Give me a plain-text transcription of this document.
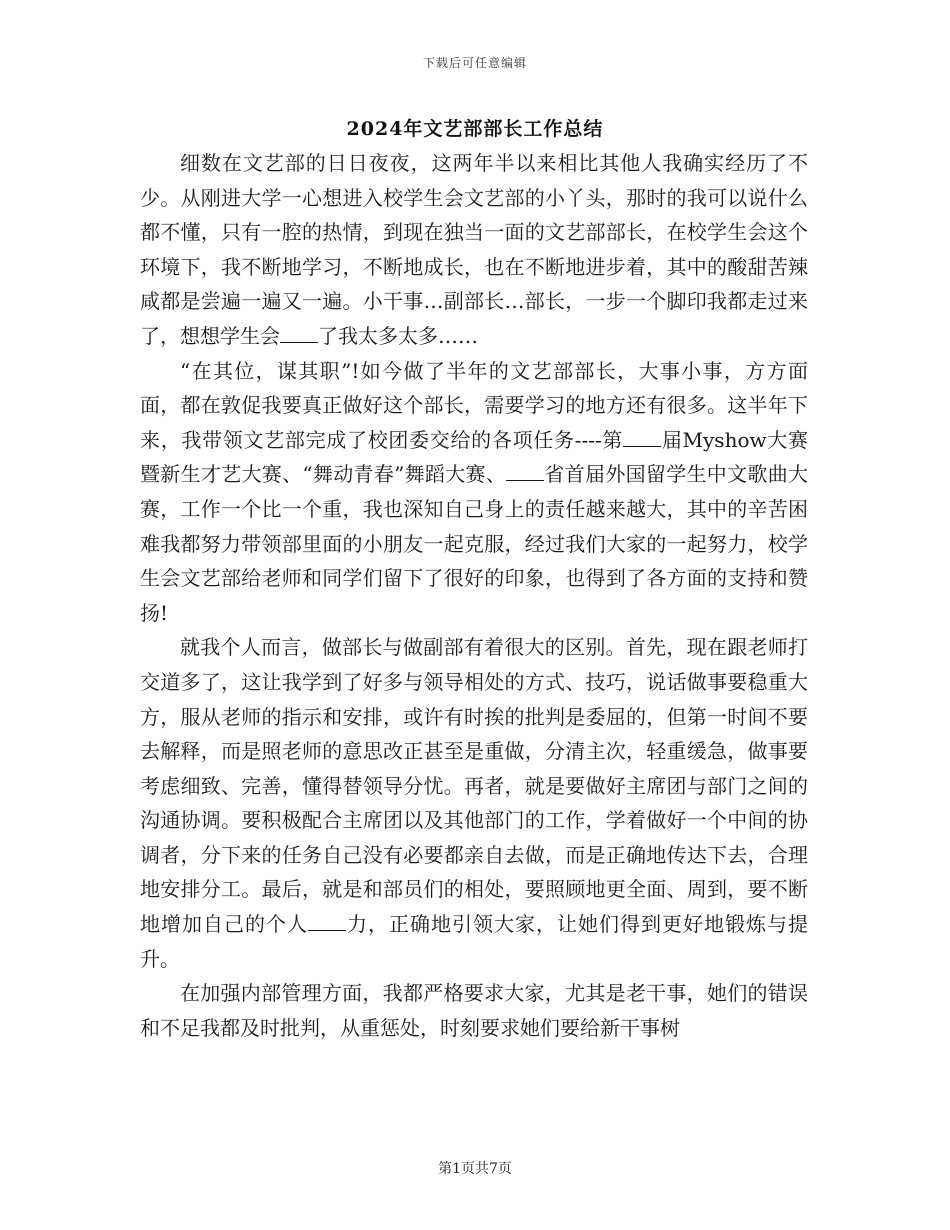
下载后可任意编辑
2024年文艺部部长工作总结

细数在文艺部的日日夜夜，这两年半以来相比其他人我确实经历了不少。从刚进大学一心想进入校学生会文艺部的小丫头，那时的我可以说什么都不懂，只有一腔的热情，到现在独当一面的文艺部部长，在校学生会这个环境下，我不断地学习，不断地成长，也在不断地进步着，其中的酸甜苦辣咸都是尝遍一遍又一遍。小干事…副部长…部长，一步一个脚印我都走过来了，想想学生会 了我太多太多……

“在其位，谋其职”!如今做了半年的文艺部部长，大事小事，方方面面，都在敦促我要真正做好这个部长，需要学习的地方还有很多。这半年下来，我带领文艺部完成了校团委交给的各项任务----第 届Myshow大赛暨新生才艺大赛、“舞动青春”舞蹈大赛、 省首届外国留学生中文歌曲大赛，工作一个比一个重，我也深知自己身上的责任越来越大，其中的辛苦困难我都努力带领部里面的小朋友一起克服，经过我们大家的一起努力，校学生会文艺部给老师和同学们留下了很好的印象，也得到了各方面的支持和赞扬!

就我个人而言，做部长与做副部有着很大的区别。首先，现在跟老师打交道多了，这让我学到了好多与领导相处的方式、技巧，说话做事要稳重大方，服从老师的指示和安排，或许有时挨的批判是委屈的，但第一时间不要去解释，而是照老师的意思改正甚至是重做，分清主次，轻重缓急，做事要考虑细致、完善，懂得替领导分忧。再者，就是要做好主席团与部门之间的沟通协调。要积极配合主席团以及其他部门的工作，学着做好一个中间的协调者，分下来的任务自己没有必要都亲自去做，而是正确地传达下去，合理地安排分工。最后，就是和部员们的相处，要照顾地更全面、周到，要不断地增加自己的个人 力，正确地引领大家，让她们得到更好地锻炼与提升。

在加强内部管理方面，我都严格要求大家，尤其是老干事，她们的错误和不足我都及时批判，从重惩处，时刻要求她们要给新干事树

第1页共7页
